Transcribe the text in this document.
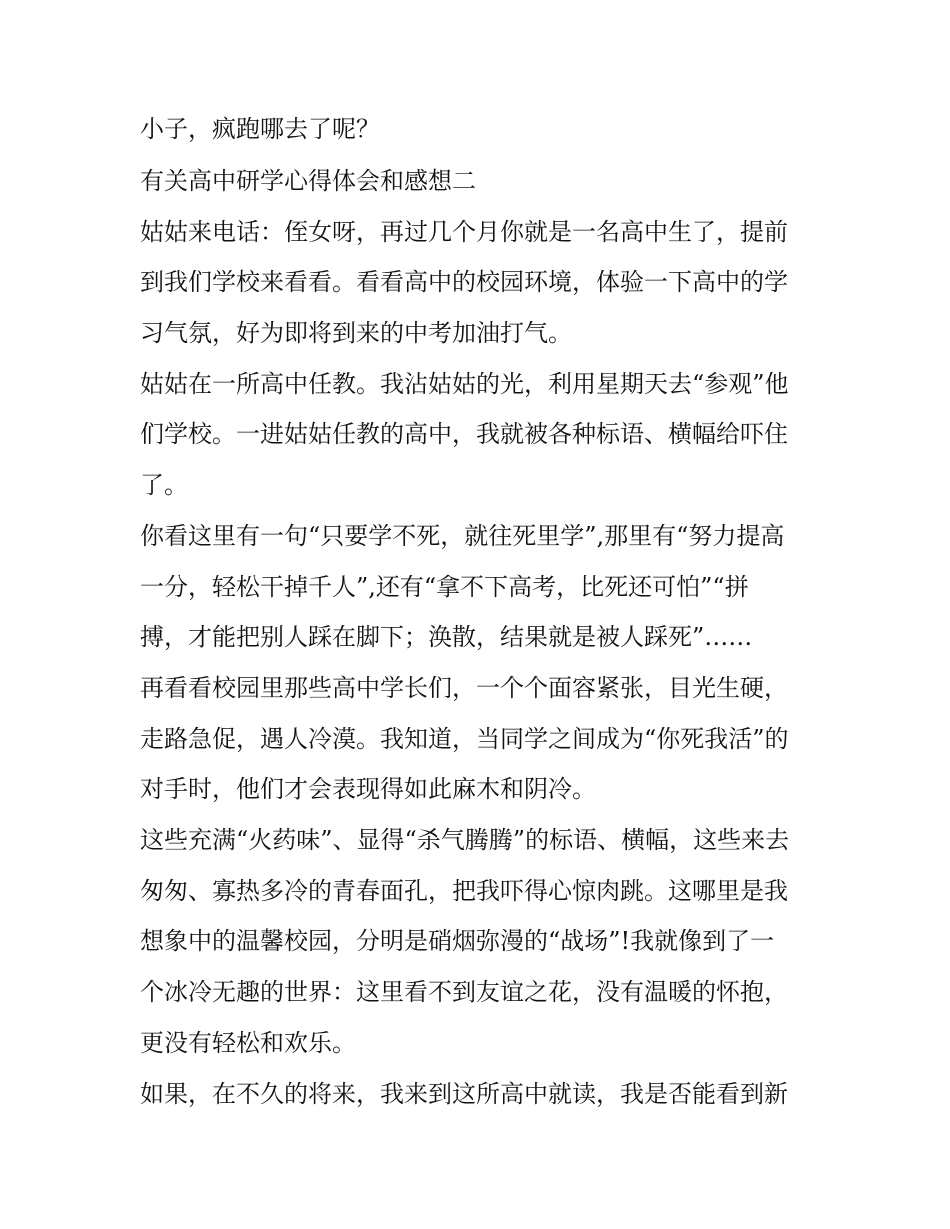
小子，疯跑哪去了呢？
有关高中研学心得体会和感想二
姑姑来电话：侄女呀，再过几个月你就是一名高中生了，提前
到我们学校来看看。看看高中的校园环境，体验一下高中的学
习气氛，好为即将到来的中考加油打气。
姑姑在一所高中任教。我沾姑姑的光，利用星期天去“参观”他
们学校。一进姑姑任教的高中，我就被各种标语、横幅给吓住
了。
你看这里有一句“只要学不死，就往死里学”,那里有“努力提高
一分，轻松干掉千人”,还有“拿不下高考，比死还可怕”“拼
搏，才能把别人踩在脚下；涣散，结果就是被人踩死”……
再看看校园里那些高中学长们，一个个面容紧张，目光生硬，
走路急促，遇人冷漠。我知道，当同学之间成为“你死我活”的
对手时，他们才会表现得如此麻木和阴冷。
这些充满“火药味”、显得“杀气腾腾”的标语、横幅，这些来去
匆匆、寡热多冷的青春面孔，把我吓得心惊肉跳。这哪里是我
想象中的温馨校园，分明是硝烟弥漫的“战场”!我就像到了一
个冰冷无趣的世界：这里看不到友谊之花，没有温暖的怀抱，
更没有轻松和欢乐。
如果，在不久的将来，我来到这所高中就读，我是否能看到新
